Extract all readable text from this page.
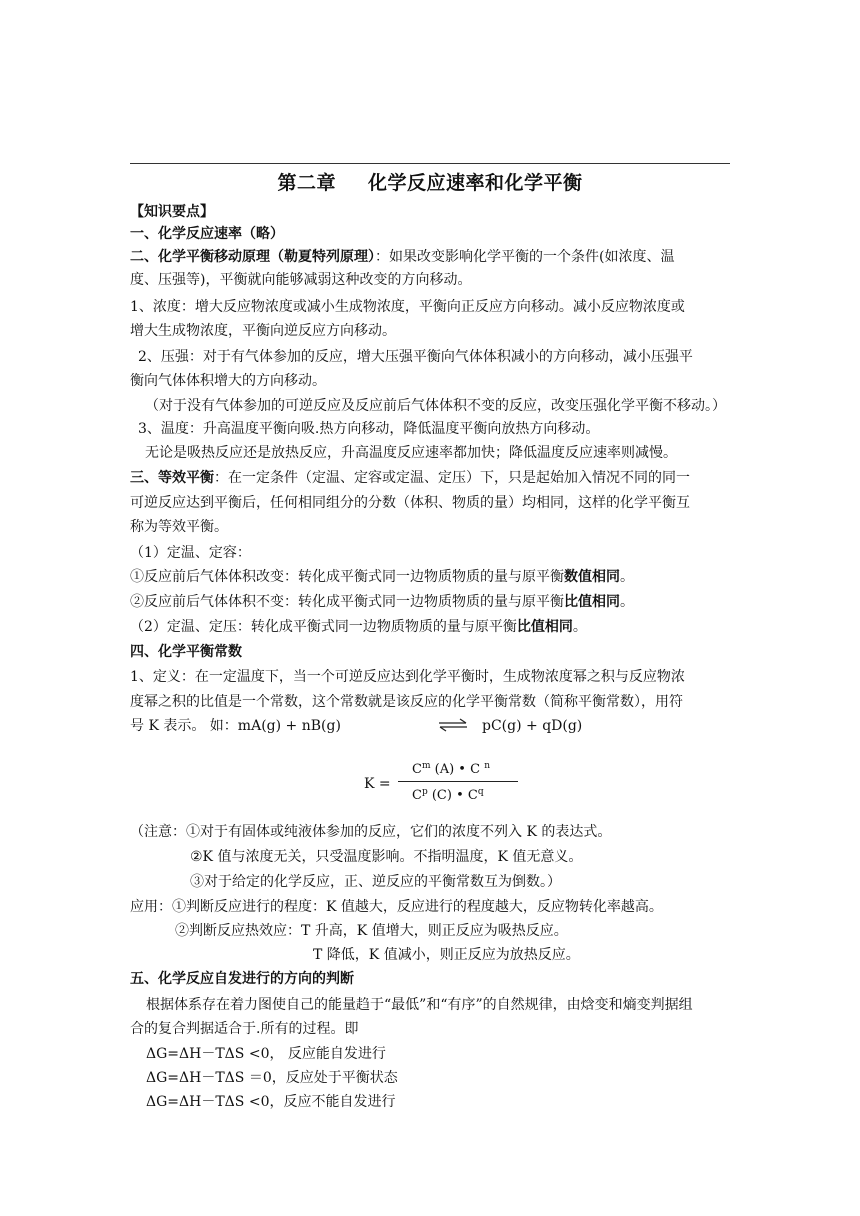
第二章 化学反应速率和化学平衡
【知识要点】
一、化学反应速率（略）
二、化学平衡移动原理（勒夏特列原理）：如果改变影响化学平衡的一个条件(如浓度、温
度、压强等)，平衡就向能够减弱这种改变的方向移动。
1、浓度：增大反应物浓度或减小生成物浓度，平衡向正反应方向移动。减小反应物浓度或
增大生成物浓度，平衡向逆反应方向移动。
2、压强：对于有气体参加的反应，增大压强平衡向气体体积减小的方向移动，减小压强平
衡向气体体积增大的方向移动。
（对于没有气体参加的可逆反应及反应前后气体体积不变的反应，改变压强化学平衡不移动。）
3、温度：升高温度平衡向吸.热方向移动，降低温度平衡向放热方向移动。
无论是吸热反应还是放热反应，升高温度反应速率都加快；降低温度反应速率则减慢。
三、等效平衡：在一定条件（定温、定容或定温、定压）下，只是起始加入情况不同的同一
可逆反应达到平衡后，任何相同组分的分数（体积、物质的量）均相同，这样的化学平衡互
称为等效平衡。
（1）定温、定容：
①反应前后气体体积改变：转化成平衡式同一边物质物质的量与原平衡数值相同。
②反应前后气体体积不变：转化成平衡式同一边物质物质的量与原平衡比值相同。
（2）定温、定压：转化成平衡式同一边物质物质的量与原平衡比值相同。
四、化学平衡常数
1、定义：在一定温度下，当一个可逆反应达到化学平衡时，生成物浓度幂之积与反应物浓
度幂之积的比值是一个常数，这个常数就是该反应的化学平衡常数（简称平衡常数），用符
号 K 表示。 如：mA(g) + nB(g)	⇌ pC(g) + qD(g)
K =
$C^m$ (A) • C $^n$
$C^p$ (C) • $C^q$
（注意：①对于有固体或纯液体参加的反应，它们的浓度不列入 K 的表达式。
②K 值与浓度无关，只受温度影响。不指明温度，K 值无意义。
③对于给定的化学反应，正、逆反应的平衡常数互为倒数。）
应用：①判断反应进行的程度：K 值越大，反应进行的程度越大，反应物转化率越高。
②判断反应热效应：T 升高，K 值增大，则正反应为吸热反应。
T 降低，K 值减小，则正反应为放热反应。
五、化学反应自发进行的方向的判断
根据体系存在着力图使自己的能量趋于“最低”和“有序”的自然规律，由焓变和熵变判据组
合的复合判据适合于.所有的过程。即
ΔG=ΔH－TΔS <0， 反应能自发进行
ΔG=ΔH－TΔS ＝0，反应处于平衡状态
ΔG=ΔH－TΔS <0，反应不能自发进行
